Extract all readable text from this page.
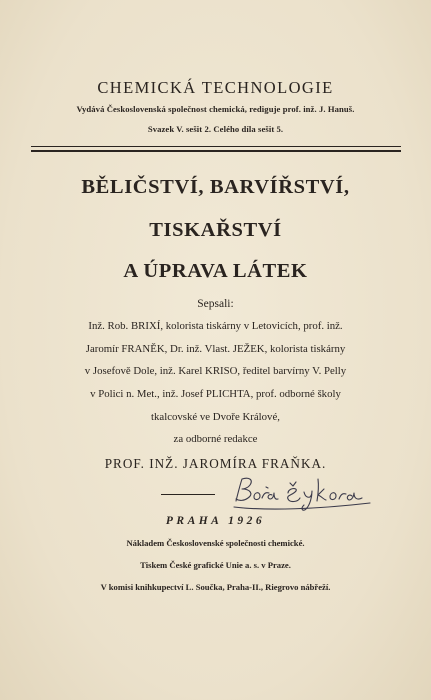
CHEMICKÁ TECHNOLOGIE
Vydává Československá společnost chemická, rediguje prof. inž. J. Hanuš.
Svazek V. sešit 2. Celého díla sešit 5.
BĚLIČSTVÍ, BARVÍŘSTVÍ,
TISKAŘSTVÍ
A ÚPRAVA LÁTEK
Sepsali:
Inž. Rob. BRIXÍ, kolorista tiskárny v Letovicích, prof. inž.
Jaromír FRANĚK, Dr. inž. Vlast. JEŽEK, kolorista tiskárny
v Josefově Dole, inž. Karel KRISO, ředitel barvírny V. Pelly
v Polici n. Met., inž. Josef PLICHTA, prof. odborné školy
tkalcovské ve Dvoře Králové,
za odborné redakce
PROF. INŽ. JAROMÍRA FRAŇKA.
PRAHA 1926
Nákladem Československé společnosti chemické.
Tiskem České grafické Unie a. s. v Praze.
V komisi knihkupectví L. Součka, Praha-II., Riegrovo nábřeží.
